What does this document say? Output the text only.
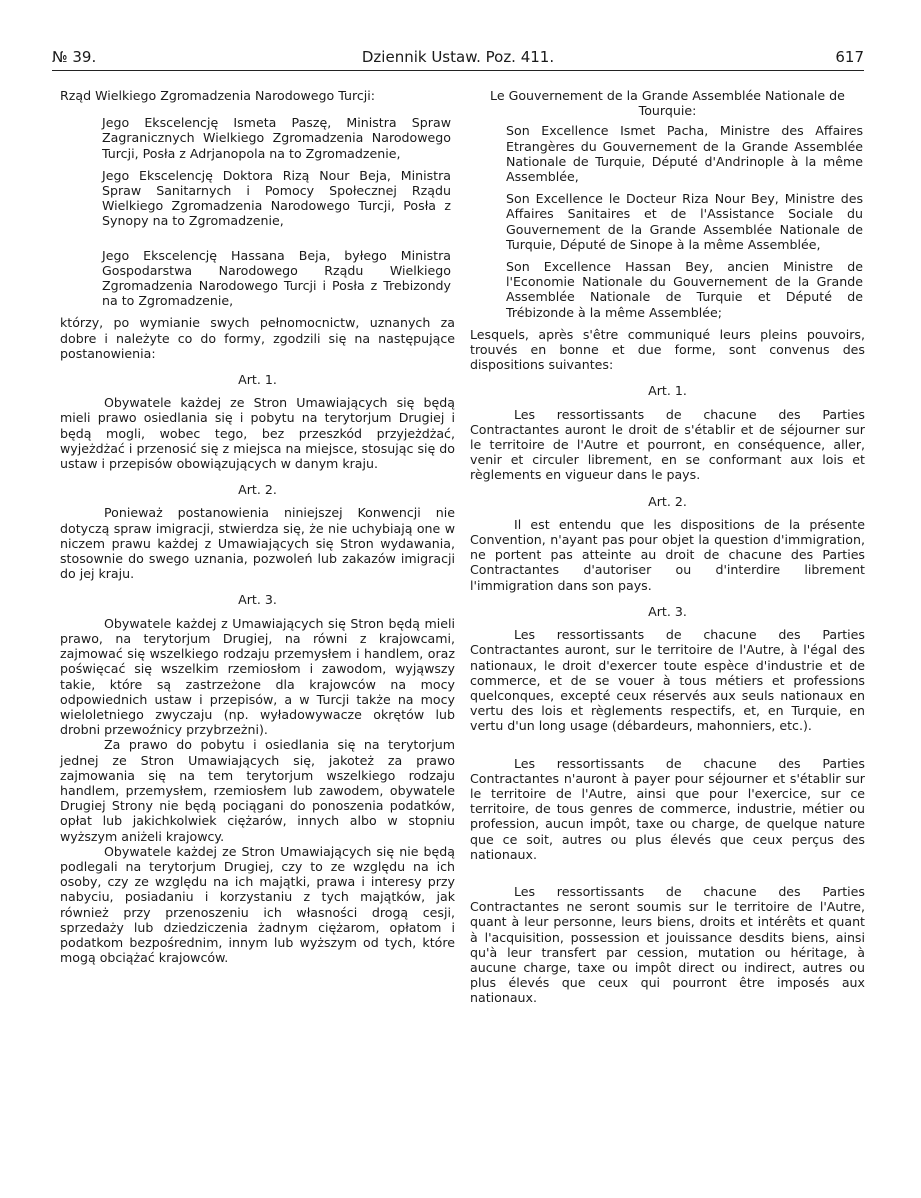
№ 39.	Dziennik Ustaw. Poz. 411.	617

Rząd Wielkiego Zgromadzenia Narodowego Turcji:

Jego Ekscelencję Ismeta Paszę, Ministra Spraw Zagranicznych Wielkiego Zgromadzenia Narodowego Turcji, Posła z Adrjanopola na to Zgromadzenie,

Jego Ekscelencję Doktora Rizą Nour Beja, Ministra Spraw Sanitarnych i Pomocy Społecznej Rządu Wielkiego Zgromadzenia Narodowego Turcji, Posła z Synopy na to Zgromadzenie,

Jego Ekscelencję Hassana Beja, byłego Ministra Gospodarstwa Narodowego Rządu Wielkiego Zgromadzenia Narodowego Turcji i Posła z Trebizondy na to Zgromadzenie,

którzy, po wymianie swych pełnomocnictw, uznanych za dobre i należyte co do formy, zgodzili się na następujące postanowienia:

Art. 1.

Obywatele każdej ze Stron Umawiających się będą mieli prawo osiedlania się i pobytu na terytorjum Drugiej i będą mogli, wobec tego, bez przeszkód przyjeżdżać, wyjeżdżać i przenosić się z miejsca na miejsce, stosując się do ustaw i przepisów obowiązujących w danym kraju.

Art. 2.

Ponieważ postanowienia niniejszej Konwencji nie dotyczą spraw imigracji, stwierdza się, że nie uchybiają one w niczem prawu każdej z Umawiających się Stron wydawania, stosownie do swego uznania, pozwoleń lub zakazów imigracji do jej kraju.

Art. 3.

Obywatele każdej z Umawiających się Stron będą mieli prawo, na terytorjum Drugiej, na równi z krajowcami, zajmować się wszelkiego rodzaju przemysłem i handlem, oraz poświęcać się wszelkim rzemiosłom i zawodom, wyjąwszy takie, które są zastrzeżone dla krajowców na mocy odpowiednich ustaw i przepisów, a w Turcji także na mocy wieloletniego zwyczaju (np. wyładowywacze okrętów lub drobni przewoźnicy przybrzeżni).

Za prawo do pobytu i osiedlania się na terytorjum jednej ze Stron Umawiających się, jakoteż za prawo zajmowania się na tem terytorjum wszelkiego rodzaju handlem, przemysłem, rzemiosłem lub zawodem, obywatele Drugiej Strony nie będą pociągani do ponoszenia podatków, opłat lub jakichkolwiek ciężarów, innych albo w stopniu wyższym aniżeli krajowcy.

Obywatele każdej ze Stron Umawiających się nie będą podlegali na terytorjum Drugiej, czy to ze względu na ich osoby, czy ze względu na ich majątki, prawa i interesy przy nabyciu, posiadaniu i korzystaniu z tych majątków, jak również przy przenoszeniu ich własności drogą cesji, sprzedaży lub dziedziczenia żadnym ciężarom, opłatom i podatkom bezpośrednim, innym lub wyższym od tych, które mogą obciążać krajowców.

Le Gouvernement de la Grande Assemblée Nationale de Tourquie:

Son Excellence Ismet Pacha, Ministre des Affaires Etrangères du Gouvernement de la Grande Assemblée Nationale de Turquie, Député d'Andrinople à la même Assemblée,

Son Excellence le Docteur Riza Nour Bey, Ministre des Affaires Sanitaires et de l'Assistance Sociale du Gouvernement de la Grande Assemblée Nationale de Turquie, Député de Sinope à la même Assemblée,

Son Excellence Hassan Bey, ancien Ministre de l'Economie Nationale du Gouvernement de la Grande Assemblée Nationale de Turquie et Député de Trébizonde à la même Assemblée;

Lesquels, après s'être communiqué leurs pleins pouvoirs, trouvés en bonne et due forme, sont convenus des dispositions suivantes:

Art. 1.

Les ressortissants de chacune des Parties Contractantes auront le droit de s'établir et de séjourner sur le territoire de l'Autre et pourront, en conséquence, aller, venir et circuler librement, en se conformant aux lois et règlements en vigueur dans le pays.

Art. 2.

Il est entendu que les dispositions de la présente Convention, n'ayant pas pour objet la question d'immigration, ne portent pas atteinte au droit de chacune des Parties Contractantes d'autoriser ou d'interdire librement l'immigration dans son pays.

Art. 3.

Les ressortissants de chacune des Parties Contractantes auront, sur le territoire de l'Autre, à l'égal des nationaux, le droit d'exercer toute espèce d'industrie et de commerce, et de se vouer à tous métiers et professions quelconques, excepté ceux réservés aux seuls nationaux en vertu des lois et règlements respectifs, et, en Turquie, en vertu d'un long usage (débardeurs, mahonniers, etc.).

Les ressortissants de chacune des Parties Contractantes n'auront à payer pour séjourner et s'établir sur le territoire de l'Autre, ainsi que pour l'exercice, sur ce territoire, de tous genres de commerce, industrie, métier ou profession, aucun impôt, taxe ou charge, de quelque nature que ce soit, autres ou plus élevés que ceux perçus des nationaux.

Les ressortissants de chacune des Parties Contractantes ne seront soumis sur le territoire de l'Autre, quant à leur personne, leurs biens, droits et intérêts et quant à l'acquisition, possession et jouissance desdits biens, ainsi qu'à leur transfert par cession, mutation ou héritage, à aucune charge, taxe ou impôt direct ou indirect, autres ou plus élevés que ceux qui pourront être imposés aux nationaux.
